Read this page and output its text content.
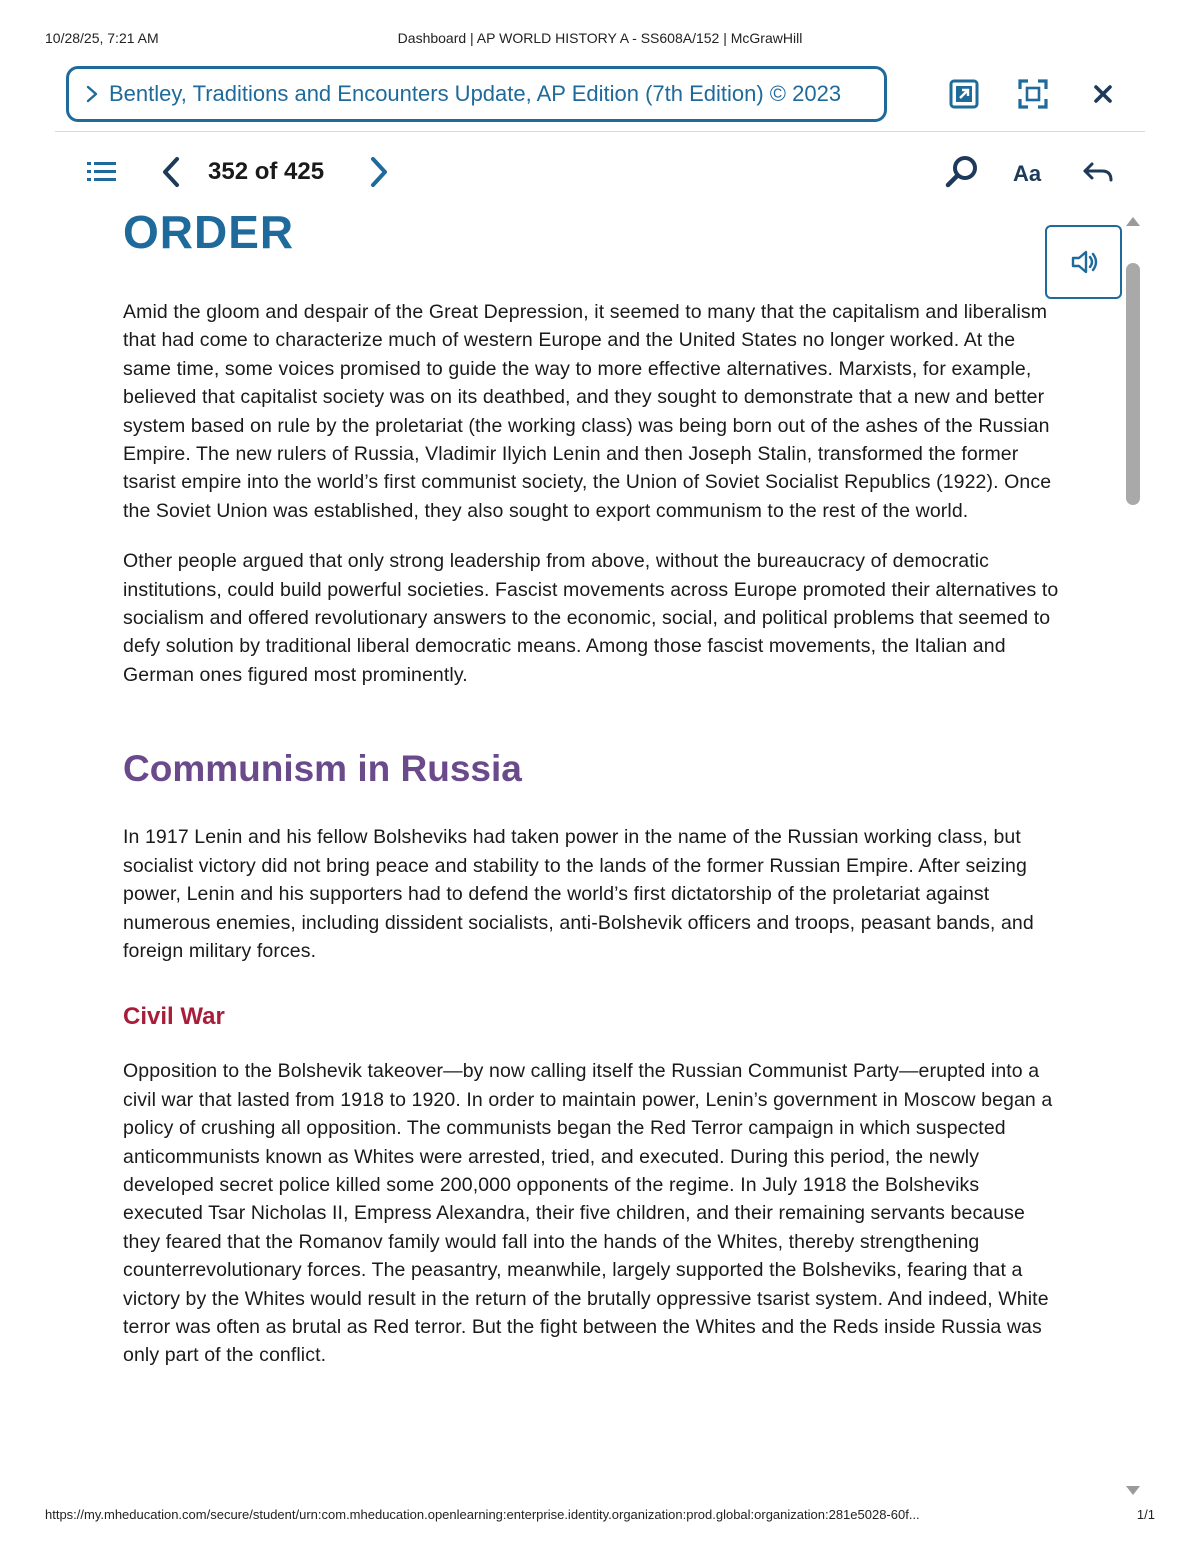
10/28/25, 7:21 AM	Dashboard | AP WORLD HISTORY A - SS608A/152 | McGrawHill
Bentley, Traditions and Encounters Update, AP Edition (7th Edition) © 2023
352 of 425	Aa
ORDER

Amid the gloom and despair of the Great Depression, it seemed to many that the capitalism and liberalism that had come to characterize much of western Europe and the United States no longer worked. At the same time, some voices promised to guide the way to more effective alternatives. Marxists, for example, believed that capitalist society was on its deathbed, and they sought to demonstrate that a new and better system based on rule by the proletariat (the working class) was being born out of the ashes of the Russian Empire. The new rulers of Russia, Vladimir Ilyich Lenin and then Joseph Stalin, transformed the former tsarist empire into the world’s first communist society, the Union of Soviet Socialist Republics (1922). Once the Soviet Union was established, they also sought to export communism to the rest of the world.

Other people argued that only strong leadership from above, without the bureaucracy of democratic institutions, could build powerful societies. Fascist movements across Europe promoted their alternatives to socialism and offered revolutionary answers to the economic, social, and political problems that seemed to defy solution by traditional liberal democratic means. Among those fascist movements, the Italian and German ones figured most prominently.

Communism in Russia

In 1917 Lenin and his fellow Bolsheviks had taken power in the name of the Russian working class, but socialist victory did not bring peace and stability to the lands of the former Russian Empire. After seizing power, Lenin and his supporters had to defend the world’s first dictatorship of the proletariat against numerous enemies, including dissident socialists, anti-Bolshevik officers and troops, peasant bands, and foreign military forces.

Civil War

Opposition to the Bolshevik takeover—by now calling itself the Russian Communist Party—erupted into a civil war that lasted from 1918 to 1920. In order to maintain power, Lenin’s government in Moscow began a policy of crushing all opposition. The communists began the Red Terror campaign in which suspected anticommunists known as Whites were arrested, tried, and executed. During this period, the newly developed secret police killed some 200,000 opponents of the regime. In July 1918 the Bolsheviks executed Tsar Nicholas II, Empress Alexandra, their five children, and their remaining servants because they feared that the Romanov family would fall into the hands of the Whites, thereby strengthening counterrevolutionary forces. The peasantry, meanwhile, largely supported the Bolsheviks, fearing that a victory by the Whites would result in the return of the brutally oppressive tsarist system. And indeed, White terror was often as brutal as Red terror. But the fight between the Whites and the Reds inside Russia was only part of the conflict.

https://my.mheducation.com/secure/student/urn:com.mheducation.openlearning:enterprise.identity.organization:prod.global:organization:281e5028-60f...	1/1
